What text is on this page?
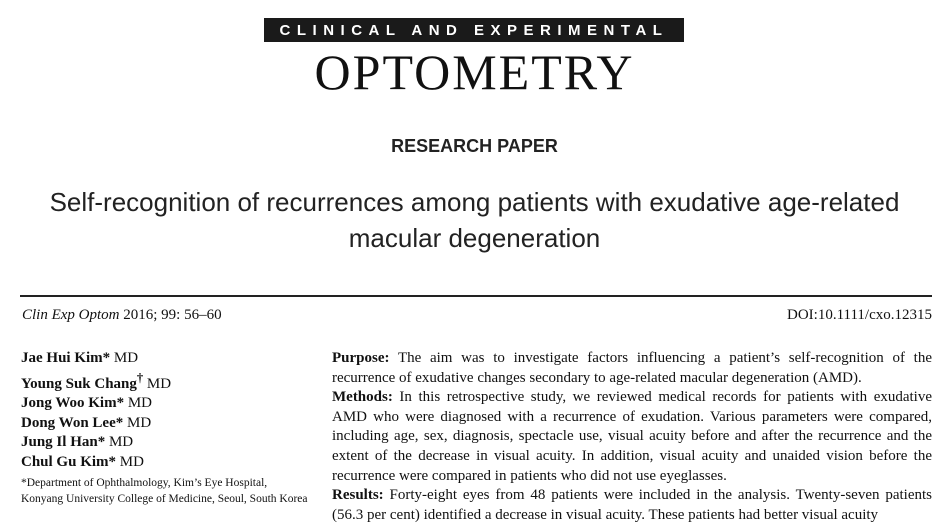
CLINICAL AND EXPERIMENTAL
OPTOMETRY
RESEARCH PAPER
Self-recognition of recurrences among patients with exudative age-related
macular degeneration
Clin Exp Optom 2016; 99: 56–60	DOI:10.1111/cxo.12315
Jae Hui Kim* MD
Young Suk Chang† MD
Jong Woo Kim* MD
Dong Won Lee* MD
Jung Il Han* MD
Chul Gu Kim* MD
*Department of Ophthalmology, Kim’s Eye Hospital, Konyang University College of Medicine, Seoul, South Korea

Purpose: The aim was to investigate factors influencing a patient’s self-recognition of the recurrence of exudative changes secondary to age-related macular degeneration (AMD).

Methods: In this retrospective study, we reviewed medical records for patients with exudative AMD who were diagnosed with a recurrence of exudation. Various parameters were compared, including age, sex, diagnosis, spectacle use, visual acuity before and after the recurrence and the extent of the decrease in visual acuity. In addition, visual acuity and unaided vision before the recurrence were compared in patients who did not use eyeglasses.

Results: Forty-eight eyes from 48 patients were included in the analysis. Twenty-seven patients (56.3 per cent) identified a decrease in visual acuity. These patients had better visual acuity
